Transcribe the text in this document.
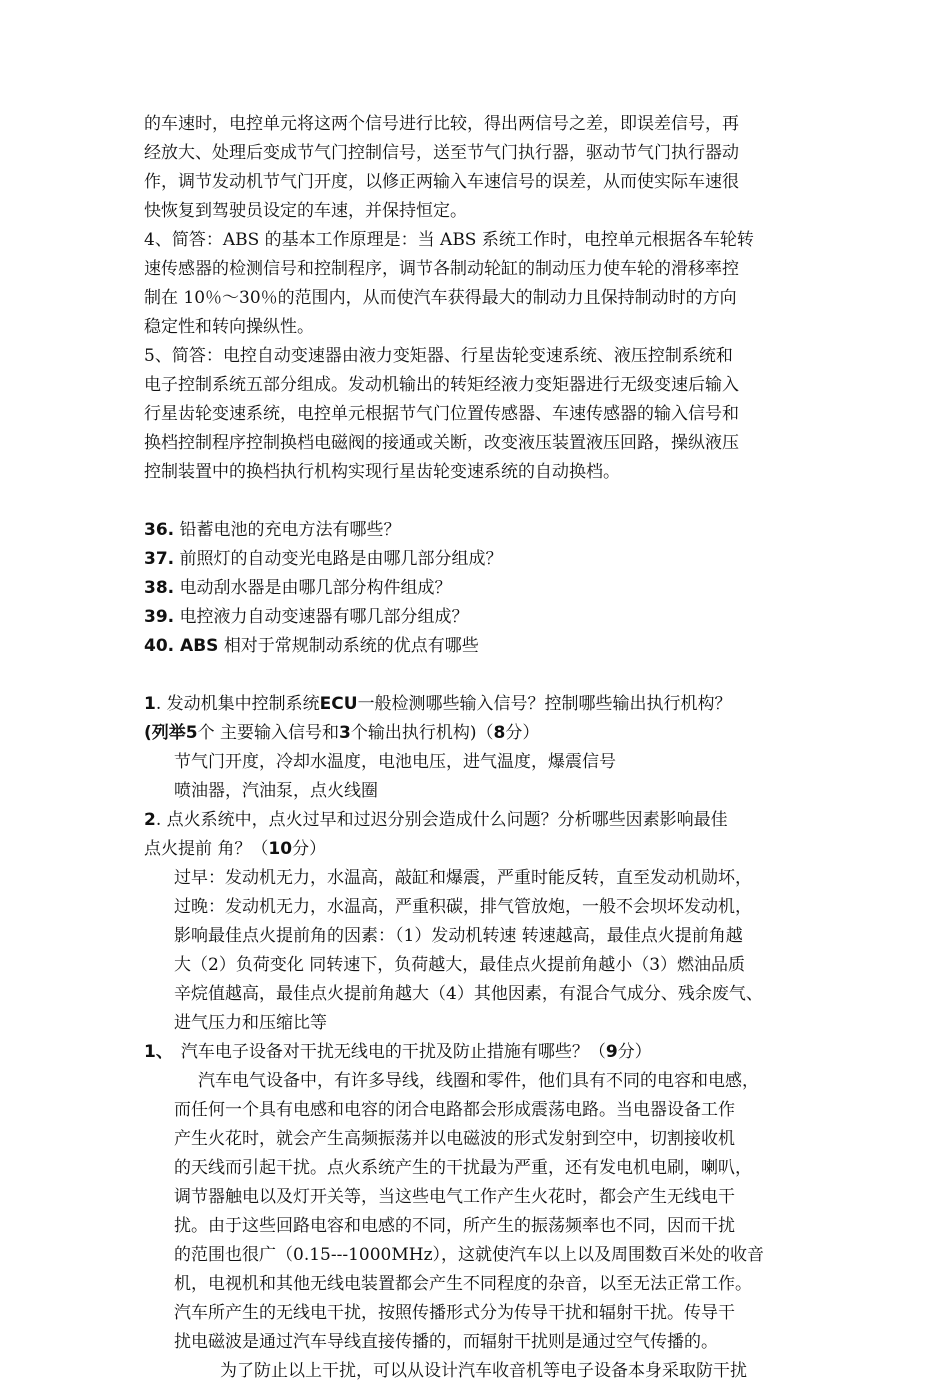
的车速时，电控单元将这两个信号进行比较，得出两信号之差，即误差信号，再
经放大、处理后变成节气门控制信号，送至节气门执行器，驱动节气门执行器动
作，调节发动机节气门开度，以修正两输入车速信号的误差，从而使实际车速很
快恢复到驾驶员设定的车速，并保持恒定。
4、简答：ABS 的基本工作原理是：当 ABS 系统工作时，电控单元根据各车轮转
速传感器的检测信号和控制程序，调节各制动轮缸的制动压力使车轮的滑移率控
制在 10％～30％的范围内，从而使汽车获得最大的制动力且保持制动时的方向
稳定性和转向操纵性。
5、简答：电控自动变速器由液力变矩器、行星齿轮变速系统、液压控制系统和
电子控制系统五部分组成。发动机输出的转矩经液力变矩器进行无级变速后输入
行星齿轮变速系统，电控单元根据节气门位置传感器、车速传感器的输入信号和
换档控制程序控制换档电磁阀的接通或关断，改变液压装置液压回路，操纵液压
控制装置中的换档执行机构实现行星齿轮变速系统的自动换档。
36. 铅蓄电池的充电方法有哪些？
37. 前照灯的自动变光电路是由哪几部分组成？
38. 电动刮水器是由哪几部分构件组成？
39. 电控液力自动变速器有哪几部分组成？
40. ABS 相对于常规制动系统的优点有哪些
1. 发动机集中控制系统ECU一般检测哪些输入信号？控制哪些输出执行机构？
(列举5个 主要输入信号和3个输出执行机构)（8分）
节气门开度，冷却水温度，电池电压，进气温度，爆震信号
喷油器，汽油泵，点火线圈
2. 点火系统中，点火过早和过迟分别会造成什么问题？分析哪些因素影响最佳
点火提前 角？（10分）
过早：发动机无力，水温高，敲缸和爆震，严重时能反转，直至发动机勋坏，
过晚：发动机无力，水温高，严重积碳，排气管放炮，一般不会坝坏发动机，
影响最佳点火提前角的因素：（1）发动机转速 转速越高，最佳点火提前角越
大（2）负荷变化 同转速下，负荷越大，最佳点火提前角越小（3）燃油品质
辛烷值越高，最佳点火提前角越大（4）其他因素，有混合气成分、残余废气、
进气压力和压缩比等
1、 汽车电子设备对干扰无线电的干扰及防止措施有哪些？（9分）
汽车电气设备中，有许多导线，线圈和零件，他们具有不同的电容和电感，
而任何一个具有电感和电容的闭合电路都会形成震荡电路。当电器设备工作
产生火花时，就会产生高频振荡并以电磁波的形式发射到空中，切割接收机
的天线而引起干扰。点火系统产生的干扰最为严重，还有发电机电刷，喇叭，
调节器触电以及灯开关等，当这些电气工作产生火花时，都会产生无线电干
扰。由于这些回路电容和电感的不同，所产生的振荡频率也不同，因而干扰
的范围也很广（0.15---1000MHz），这就使汽车以上以及周围数百米处的收音
机，电视机和其他无线电装置都会产生不同程度的杂音，以至无法正常工作。
汽车所产生的无线电干扰，按照传播形式分为传导干扰和辐射干扰。传导干
扰电磁波是通过汽车导线直接传播的，而辐射干扰则是通过空气传播的。
为了防止以上干扰，可以从设计汽车收音机等电子设备本身采取防干扰
